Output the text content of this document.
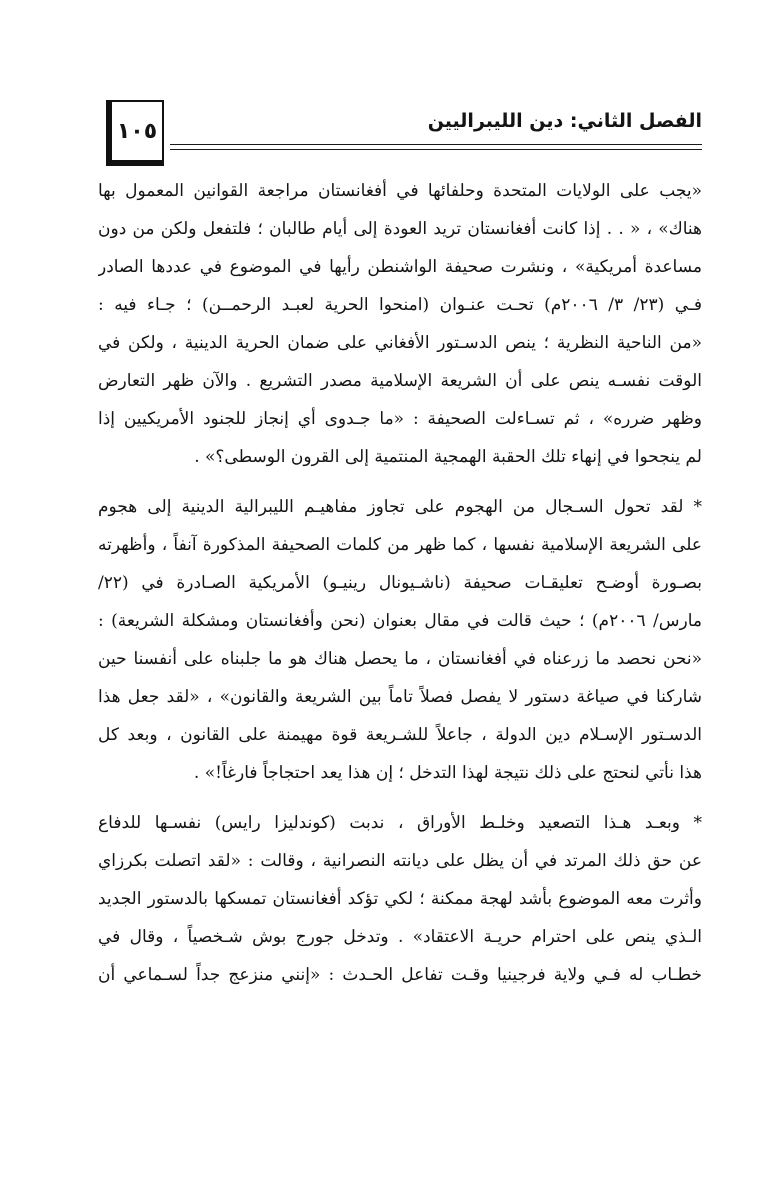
١٠٥	الفصل الثاني: دين الليبراليين
«يجب على الولايات المتحدة وحلفائها في أفغانستان مراجعة القوانين المعمول بها
هناك» ، « . . إذا كانت أفغانستان تريد العودة إلى أيام طالبان ؛ فلتفعل ولكن من دون
مساعدة أمريكية» ، ونشرت صحيفة الواشنطن رأيها في الموضوع في عددها الصادر
فـي (٢٣/ ٣/ ٢٠٠٦م) تحـت عنـوان (امنحوا الحرية لعبـد الرحمــن) ؛ جـاء فيه :
«من الناحية النظرية ؛ ينص الدسـتور الأفغاني على ضمان الحرية الدينية ، ولكن في
الوقت نفسـه ينص على أن الشريعة الإسلامية مصدر التشريع . والآن ظهر التعارض
وظهر ضرره» ، ثم تسـاءلت الصحيفة : «ما جـدوى أي إنجاز للجنود الأمريكيين إذا
لم ينجحوا في إنهاء تلك الحقبة الهمجية المنتمية إلى القرون الوسطى؟» .
* لقد تحول السـجال من الهجوم على تجاوز مفاهيـم الليبرالية الدينية إلى هجوم
على الشريعة الإسلامية نفسها ، كما ظهر من كلمات الصحيفة المذكورة آنفاً ، وأظهرته
بصـورة أوضـح تعليقـات صحيفة (ناشـيونال رينيـو) الأمريكية الصـادرة في (٢٢/
مارس/ ٢٠٠٦م) ؛ حيث قالت في مقال بعنوان (نحن وأفغانستان ومشكلة الشريعة) :
«نحن نحصد ما زرعناه في أفغانستان ، ما يحصل هناك هو ما جلبناه على أنفسنا حين
شاركنا في صياغة دستور لا يفصل فصلاً تاماً بين الشريعة والقانون» ، «لقد جعل هذا
الدسـتور الإسـلام دين الدولة ، جاعلاً للشـريعة قوة مهيمنة على القانون ، وبعد كل
هذا نأتي لنحتج على ذلك نتيجة لهذا التدخل ؛ إن هذا يعد احتجاجاً فارغاً!» .
* وبعـد هـذا التصعيد وخلـط الأوراق ، ندبت (كوندليزا رايس) نفسـها للدفاع
عن حق ذلك المرتد في أن يظل على ديانته النصرانية ، وقالت : «لقد اتصلت بكرزاي
وأثرت معه الموضوع بأشد لهجة ممكنة ؛ لكي تؤكد أفغانستان تمسكها بالدستور الجديد
الـذي ينص على احترام حريـة الاعتقاد» . وتدخل جورج بوش شـخصياً ، وقال في
خطـاب له فـي ولاية فرجينيا وقـت تفاعل الحـدث : «إنني منزعج جداً لسـماعي أن
